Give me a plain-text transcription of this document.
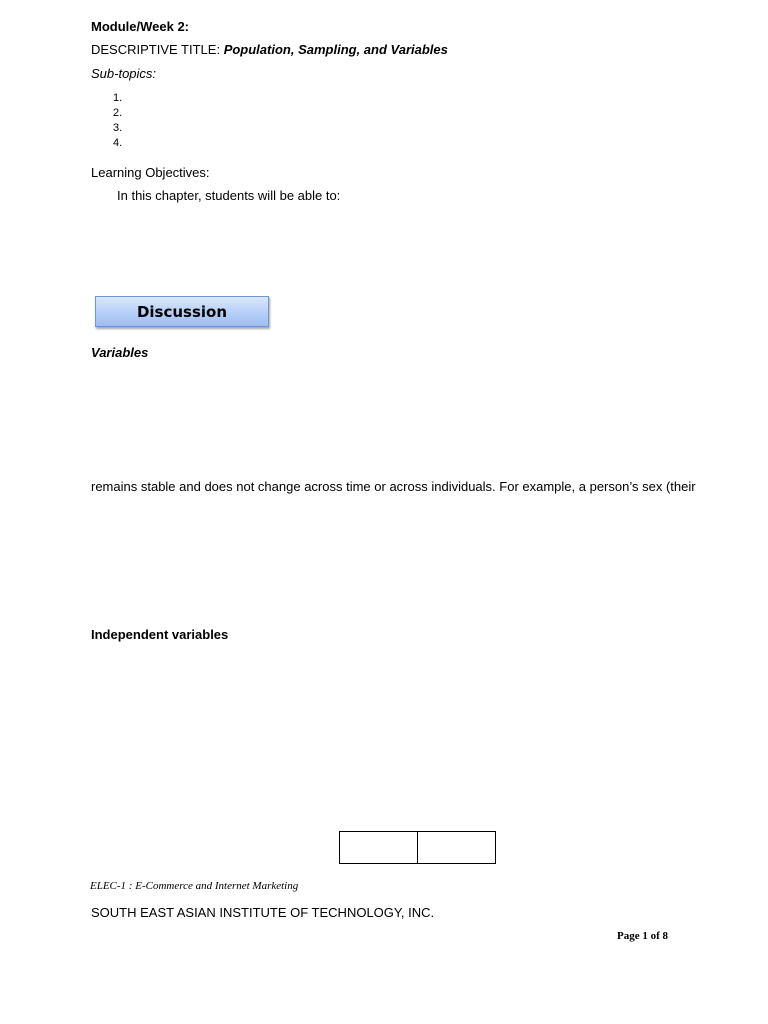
Module/Week 2:
DESCRIPTIVE TITLE: Population, Sampling, and Variables
Sub-topics:
1.
2.
3.
4.
Learning Objectives:
In this chapter, students will be able to:
Discussion
Variables
remains stable and does not change across time or across individuals. For example, a person’s sex (their
Independent variables

ELEC-1 : E-Commerce and Internet Marketing
SOUTH EAST ASIAN INSTITUTE OF TECHNOLOGY, INC.
Page 1 of 8
